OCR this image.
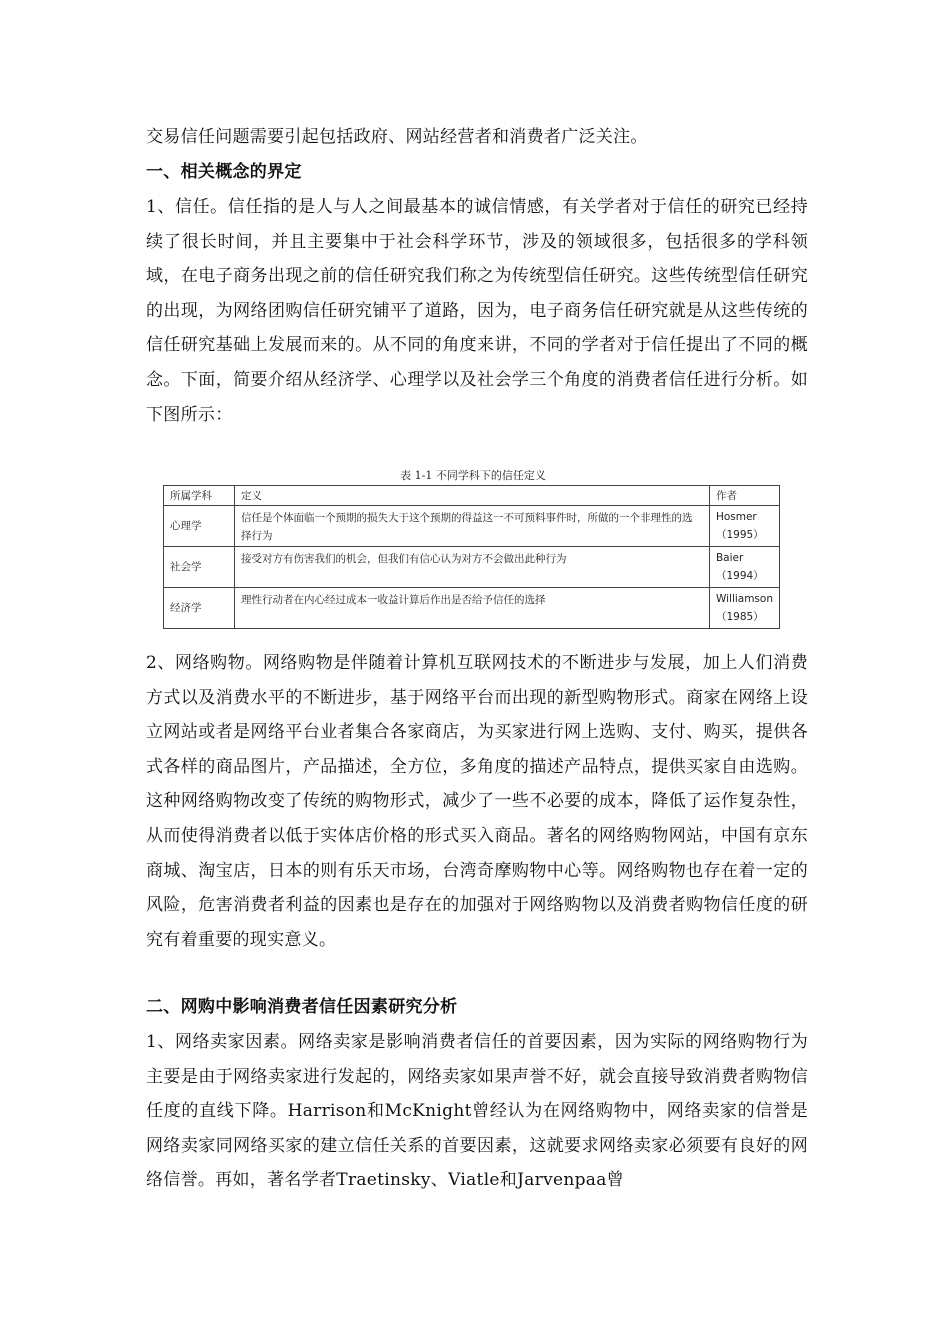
交易信任问题需要引起包括政府、网站经营者和消费者广泛关注。
一、相关概念的界定
1、信任。信任指的是人与人之间最基本的诚信情感，有关学者对于信任的研究已经持续了很长时间，并且主要集中于社会科学环节，涉及的领域很多，包括很多的学科领域，在电子商务出现之前的信任研究我们称之为传统型信任研究。这些传统型信任研究的出现，为网络团购信任研究铺平了道路，因为，电子商务信任研究就是从这些传统的信任研究基础上发展而来的。从不同的角度来讲，不同的学者对于信任提出了不同的概念。下面，简要介绍从经济学、心理学以及社会学三个角度的消费者信任进行分析。如下图所示：
表 1-1 不同学科下的信任定义
所属学科	定义	作者
心理学	信任是个体面临一个预期的损失大于这个预期的得益这一不可预料事件时，所做的一个非理性的选择行为	Hosmer（1995）
社会学	接受对方有伤害我们的机会，但我们有信心认为对方不会做出此种行为	Baier（1994）
经济学	理性行动者在内心经过成本一收益计算后作出是否给予信任的选择	Williamson（1985）
2、网络购物。网络购物是伴随着计算机互联网技术的不断进步与发展，加上人们消费方式以及消费水平的不断进步，基于网络平台而出现的新型购物形式。商家在网络上设立网站或者是网络平台业者集合各家商店，为买家进行网上选购、支付、购买，提供各式各样的商品图片，产品描述，全方位，多角度的描述产品特点，提供买家自由选购。这种网络购物改变了传统的购物形式，减少了一些不必要的成本，降低了运作复杂性，从而使得消费者以低于实体店价格的形式买入商品。著名的网络购物网站，中国有京东商城、淘宝店，日本的则有乐天市场，台湾奇摩购物中心等。网络购物也存在着一定的风险，危害消费者利益的因素也是存在的加强对于网络购物以及消费者购物信任度的研究有着重要的现实意义。
二、网购中影响消费者信任因素研究分析
1、网络卖家因素。网络卖家是影响消费者信任的首要因素，因为实际的网络购物行为主要是由于网络卖家进行发起的，网络卖家如果声誉不好，就会直接导致消费者购物信任度的直线下降。Harrison和McKnight曾经认为在网络购物中，网络卖家的信誉是网络卖家同网络买家的建立信任关系的首要因素，这就要求网络卖家必须要有良好的网络信誉。再如，著名学者Traetinsky、Viatle和Jarvenpaa曾
